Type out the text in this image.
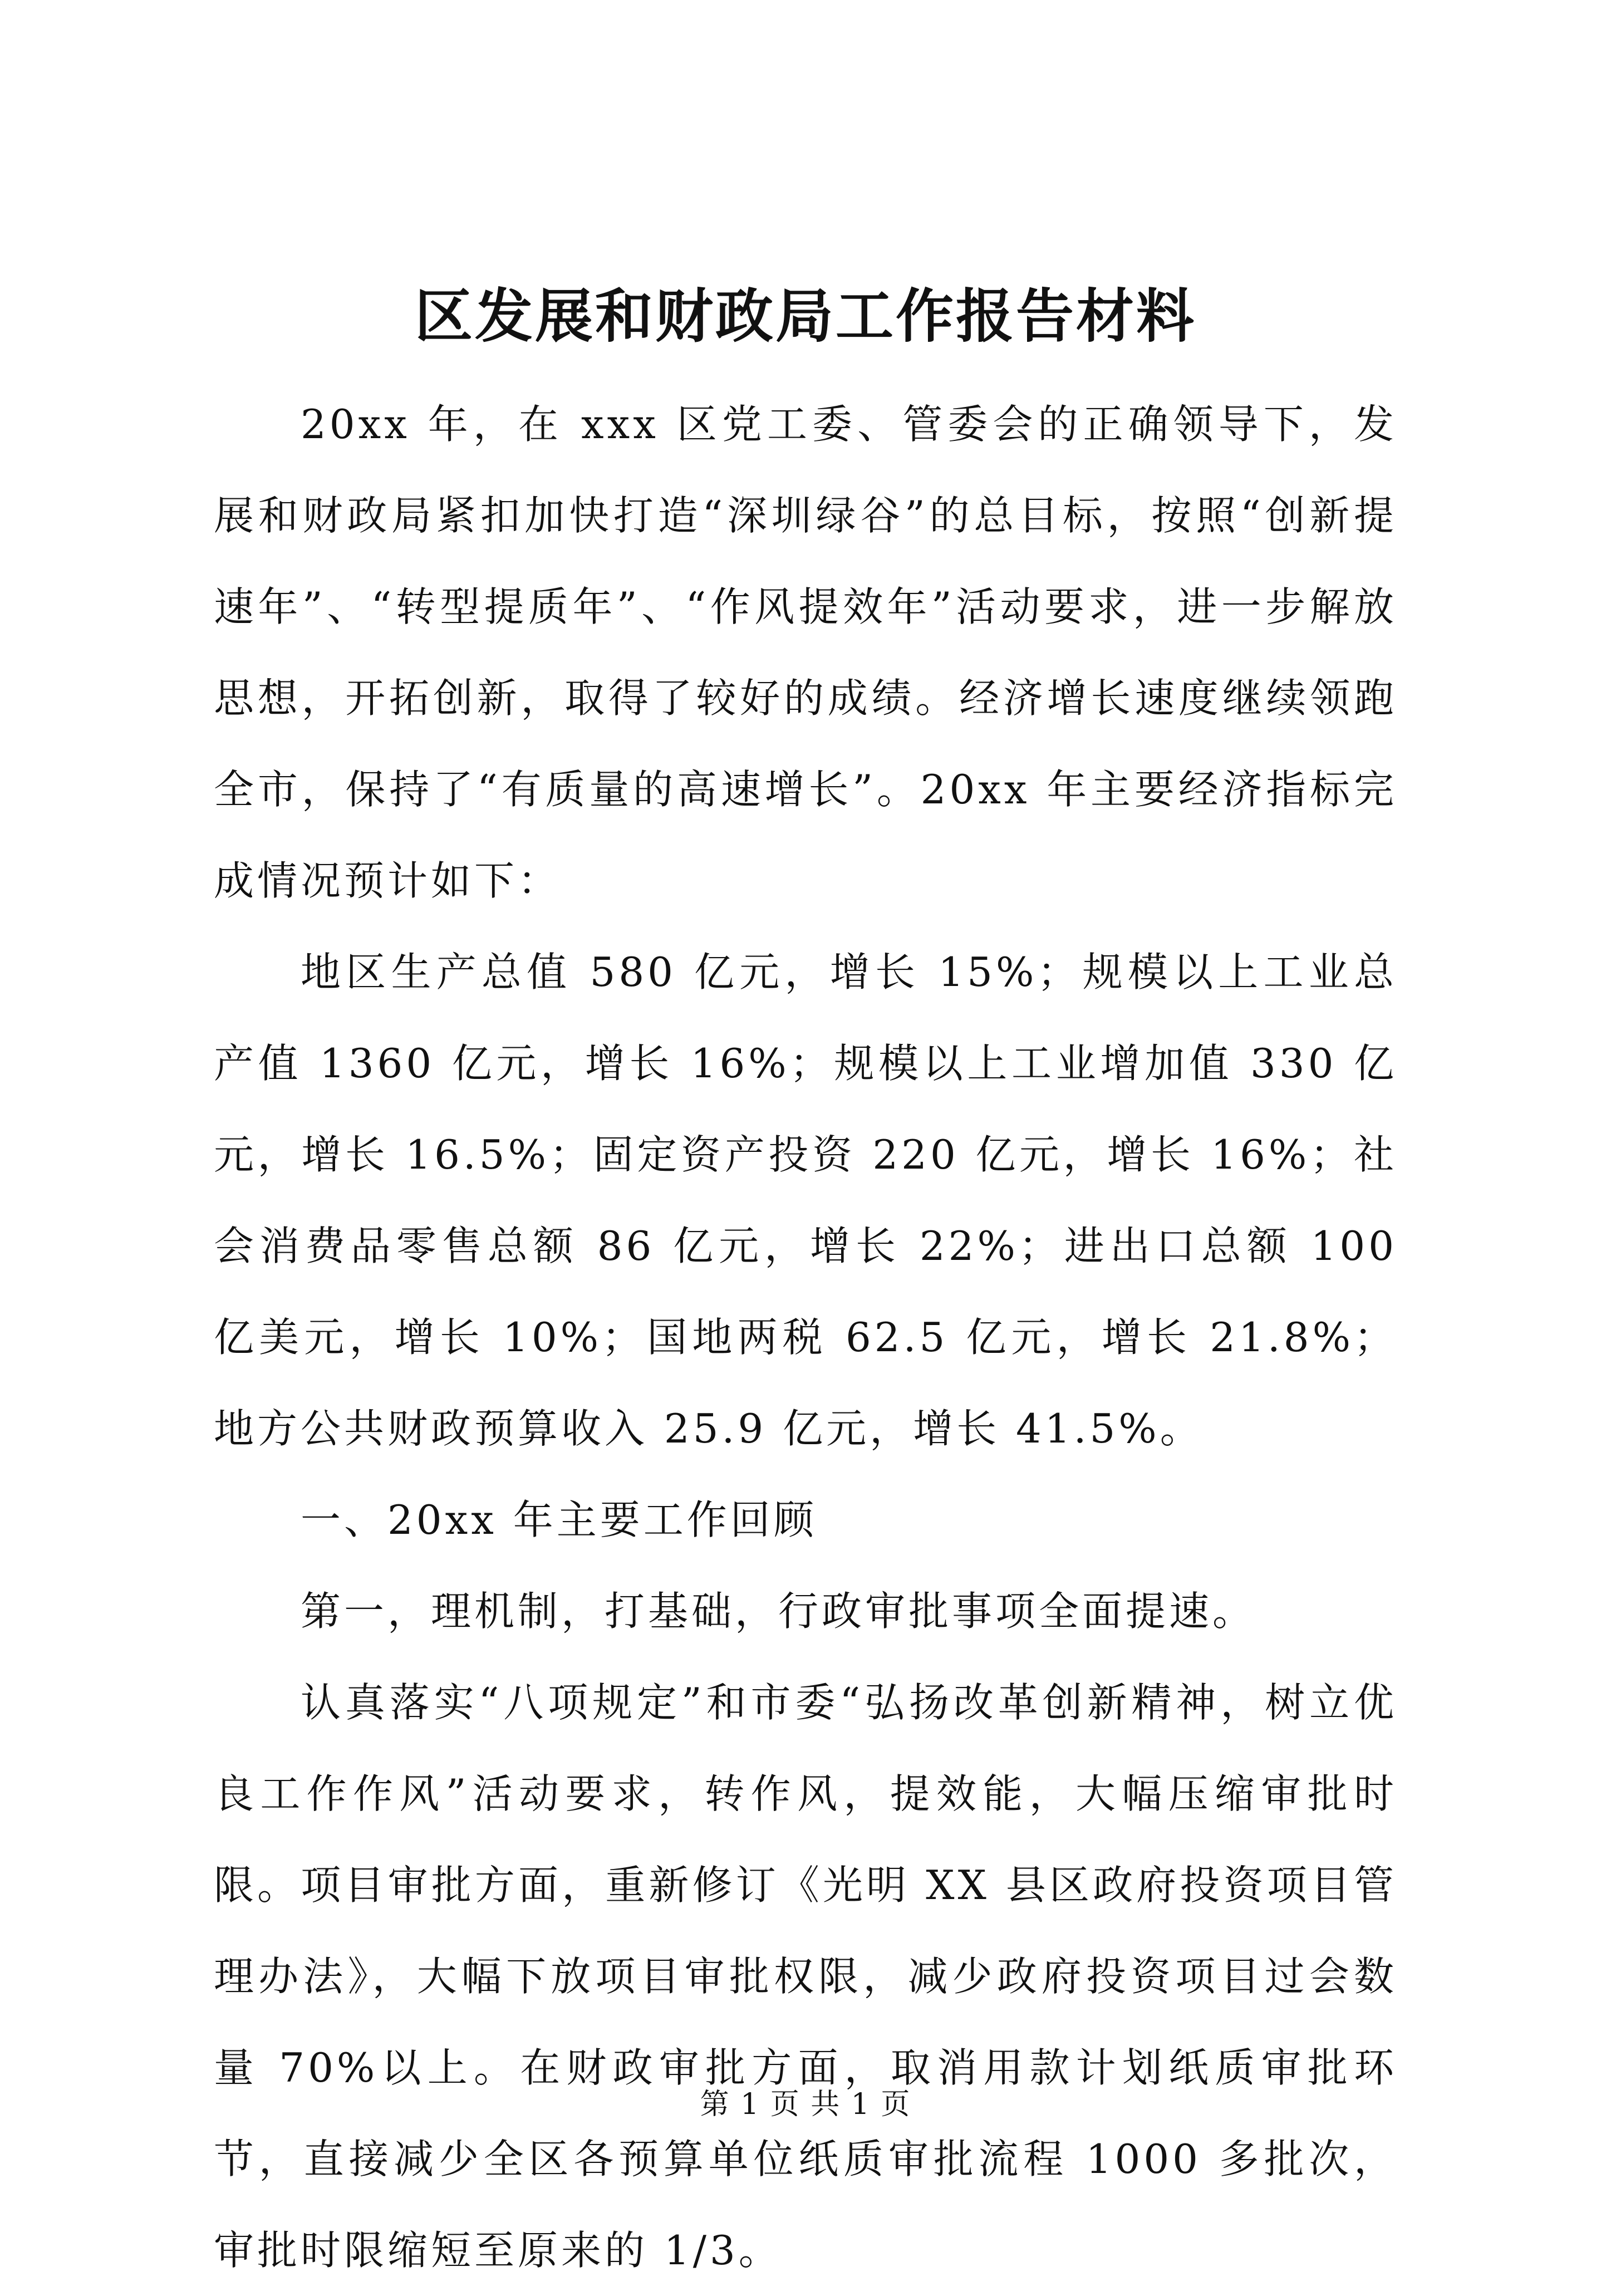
区发展和财政局工作报告材料

20xx 年，在 xxx 区党工委、管委会的正确领导下，发展和财政局紧扣加快打造“深圳绿谷”的总目标，按照“创新提速年”、“转型提质年”、“作风提效年”活动要求，进一步解放思想，开拓创新，取得了较好的成绩。经济增长速度继续领跑全市，保持了“有质量的高速增长”。20xx 年主要经济指标完成情况预计如下：

地区生产总值 580 亿元，增长 15%；规模以上工业总产值 1360 亿元，增长 16%；规模以上工业增加值 330 亿元，增长 16.5%；固定资产投资 220 亿元，增长 16%；社会消费品零售总额 86 亿元，增长 22%；进出口总额 100 亿美元，增长 10%；国地两税 62.5 亿元，增长 21.8%；地方公共财政预算收入 25.9 亿元，增长 41.5%。

一、20xx 年主要工作回顾

第一，理机制，打基础，行政审批事项全面提速。

认真落实“八项规定”和市委“弘扬改革创新精神，树立优良工作作风”活动要求，转作风，提效能，大幅压缩审批时限。项目审批方面，重新修订《光明 XX 县区政府投资项目管理办法》，大幅下放项目审批权限，减少政府投资项目过会数量 70%以上。在财政审批方面，取消用款计划纸质审批环节，直接减少全区各预算单位纸质审批流程 1000 多批次，审批时限缩短至原来的 1/3。

第 1 页 共 1 页
